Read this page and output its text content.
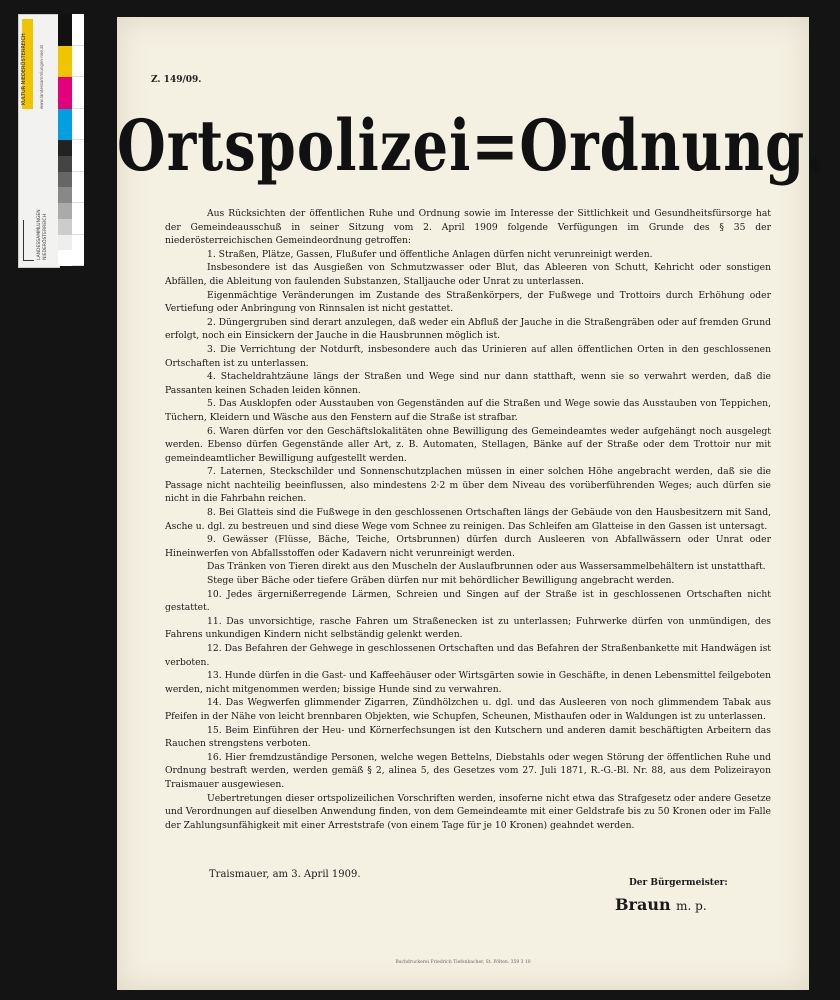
KULTUR NIEDERÖSTERREICH	www.landessammlungen-noe.at
LANDESSAMMLUNGEN NIEDERÖSTERREICH
Z. 149/09.
Ortspolizei=Ordnung.

Aus Rücksichten der öffentlichen Ruhe und Ordnung sowie im Interesse der Sittlichkeit und Gesundheitsfürsorge hat der Gemeindeausschuß in seiner Sitzung vom 2. April 1909 folgende Verfügungen im Grunde des § 35 der niederösterreichischen Gemeindeordnung getroffen:

1. Straßen, Plätze, Gassen, Flußufer und öffentliche Anlagen dürfen nicht verunreinigt werden.

Insbesondere ist das Ausgießen von Schmutzwasser oder Blut, das Ableeren von Schutt, Kehricht oder sonstigen Abfällen, die Ableitung von faulenden Substanzen, Stalljauche oder Unrat zu unterlassen.

Eigenmächtige Veränderungen im Zustande des Straßenkörpers, der Fußwege und Trottoirs durch Erhöhung oder Vertiefung oder Anbringung von Rinnsalen ist nicht gestattet.

2. Düngergruben sind derart anzulegen, daß weder ein Abfluß der Jauche in die Straßengräben oder auf fremden Grund erfolgt, noch ein Einsickern der Jauche in die Hausbrunnen möglich ist.

3. Die Verrichtung der Notdurft, insbesondere auch das Urinieren auf allen öffentlichen Orten in den geschlossenen Ortschaften ist zu unterlassen.

4. Stacheldrahtzäune längs der Straßen und Wege sind nur dann statthaft, wenn sie so verwahrt werden, daß die Passanten keinen Schaden leiden können.

5. Das Ausklopfen oder Ausstauben von Gegenständen auf die Straßen und Wege sowie das Ausstauben von Teppichen, Tüchern, Kleidern und Wäsche aus den Fenstern auf die Straße ist strafbar.

6. Waren dürfen vor den Geschäftslokalitäten ohne Bewilligung des Gemeindeamtes weder aufgehängt noch ausgelegt werden. Ebenso dürfen Gegenstände aller Art, z. B. Automaten, Stellagen, Bänke auf der Straße oder dem Trottoir nur mit gemeindeamtlicher Bewilligung aufgestellt werden.

7. Laternen, Steckschilder und Sonnenschutzplachen müssen in einer solchen Höhe angebracht werden, daß sie die Passage nicht nachteilig beeinflussen, also mindestens 2·2 m über dem Niveau des vorüberführenden Weges; auch dürfen sie nicht in die Fahrbahn reichen.

8. Bei Glatteis sind die Fußwege in den geschlossenen Ortschaften längs der Gebäude von den Hausbesitzern mit Sand, Asche u. dgl. zu bestreuen und sind diese Wege vom Schnee zu reinigen. Das Schleifen am Glatteise in den Gassen ist untersagt.

9. Gewässer (Flüsse, Bäche, Teiche, Ortsbrunnen) dürfen durch Ausleeren von Abfallwässern oder Unrat oder Hineinwerfen von Abfallsstoffen oder Kadavern nicht verunreinigt werden.

Das Tränken von Tieren direkt aus den Muscheln der Auslaufbrunnen oder aus Wassersammelbehältern ist unstatthaft.

Stege über Bäche oder tiefere Gräben dürfen nur mit behördlicher Bewilligung angebracht werden.

10. Jedes ärgernißerregende Lärmen, Schreien und Singen auf der Straße ist in geschlossenen Ortschaften nicht gestattet.

11. Das unvorsichtige, rasche Fahren um Straßenecken ist zu unterlassen; Fuhrwerke dürfen von unmündigen, des Fahrens unkundigen Kindern nicht selbständig gelenkt werden.

12. Das Befahren der Gehwege in geschlossenen Ortschaften und das Befahren der Straßenbankette mit Handwägen ist verboten.

13. Hunde dürfen in die Gast- und Kaffeehäuser oder Wirtsgärten sowie in Geschäfte, in denen Lebensmittel feilgeboten werden, nicht mitgenommen werden; bissige Hunde sind zu verwahren.

14. Das Wegwerfen glimmender Zigarren, Zündhölzchen u. dgl. und das Ausleeren von noch glimmendem Tabak aus Pfeifen in der Nähe von leicht brennbaren Objekten, wie Schupfen, Scheunen, Misthaufen oder in Waldungen ist zu unterlassen.

15. Beim Einführen der Heu- und Körnerfechsungen ist den Kutschern und anderen damit beschäftigten Arbeitern das Rauchen strengstens verboten.

16. Hier fremdzuständige Personen, welche wegen Bettelns, Diebstahls oder wegen Störung der öffentlichen Ruhe und Ordnung bestraft werden, werden gemäß § 2, alinea 5, des Gesetzes vom 27. Juli 1871, R.-G.-Bl. Nr. 88, aus dem Polizeirayon Traismauer ausgewiesen.

Uebertretungen dieser ortspolizeilichen Vorschriften werden, insoferne nicht etwa das Strafgesetz oder andere Gesetze und Verordnungen auf dieselben Anwendung finden, von dem Gemeindeamte mit einer Geldstrafe bis zu 50 Kronen oder im Falle der Zahlungsunfähigkeit mit einer Arreststrafe (von einem Tage für je 10 Kronen) geahndet werden.

Traismauer, am 3. April 1909.
Der Bürgermeister:
Braun m. p.
Buchdruckerei Friedrich Tiefenbacher, St. Pölten. 359 3 10
